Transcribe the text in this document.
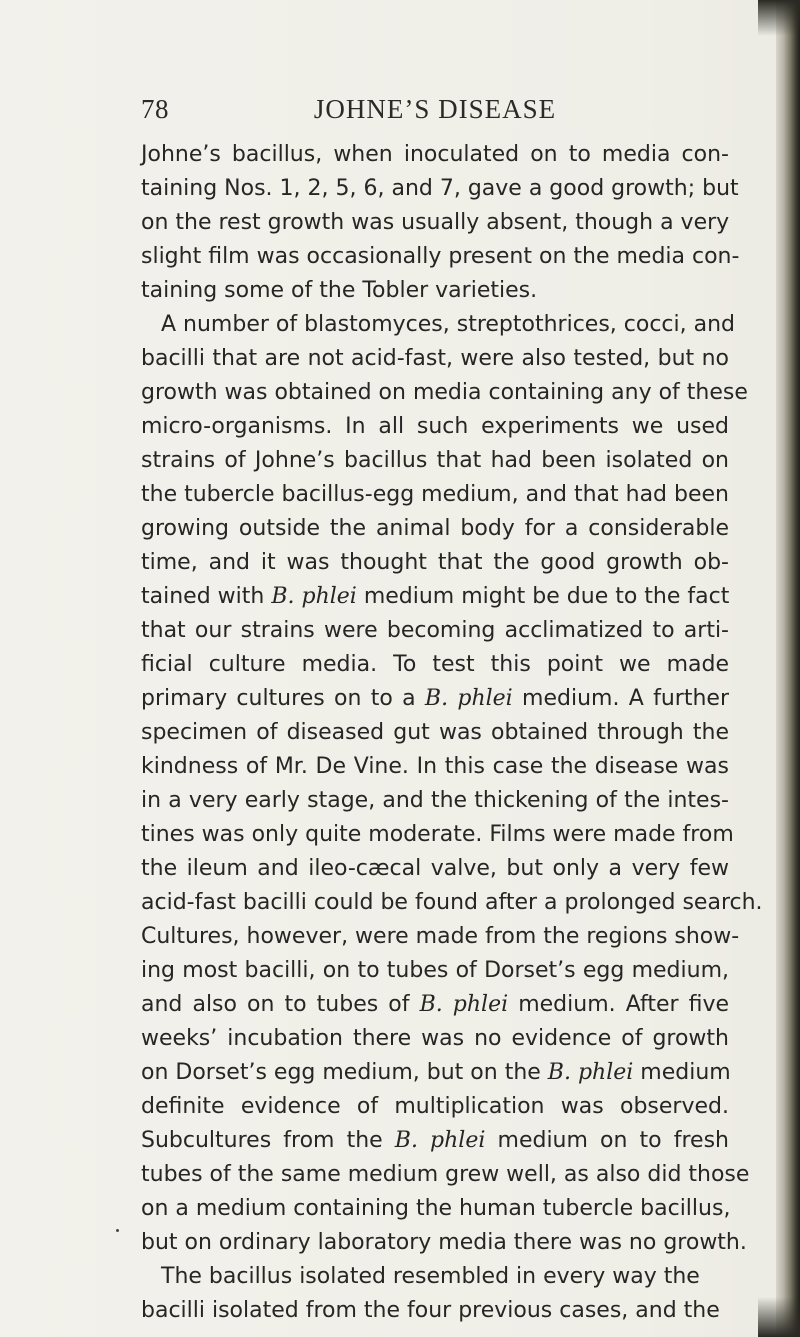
78	JOHNE’S DISEASE
Johne’s bacillus, when inoculated on to media con-
taining Nos. 1, 2, 5, 6, and 7, gave a good growth; but
on the rest growth was usually absent, though a very
slight film was occasionally present on the media con-
taining some of the Tobler varieties.
A number of blastomyces, streptothrices, cocci, and
bacilli that are not acid-fast, were also tested, but no
growth was obtained on media containing any of these
micro-organisms. In all such experiments we used
strains of Johne’s bacillus that had been isolated on
the tubercle bacillus-egg medium, and that had been
growing outside the animal body for a considerable
time, and it was thought that the good growth ob-
tained with B. phlei medium might be due to the fact
that our strains were becoming acclimatized to arti-
ficial culture media. To test this point we made
primary cultures on to a B. phlei medium. A further
specimen of diseased gut was obtained through the
kindness of Mr. De Vine. In this case the disease was
in a very early stage, and the thickening of the intes-
tines was only quite moderate. Films were made from
the ileum and ileo-cæcal valve, but only a very few
acid-fast bacilli could be found after a prolonged search.
Cultures, however, were made from the regions show-
ing most bacilli, on to tubes of Dorset’s egg medium,
and also on to tubes of B. phlei medium. After five
weeks’ incubation there was no evidence of growth
on Dorset’s egg medium, but on the B. phlei medium
definite evidence of multiplication was observed.
Subcultures from the B. phlei medium on to fresh
tubes of the same medium grew well, as also did those
on a medium containing the human tubercle bacillus,
but on ordinary laboratory media there was no growth.
The bacillus isolated resembled in every way the
bacilli isolated from the four previous cases, and the
